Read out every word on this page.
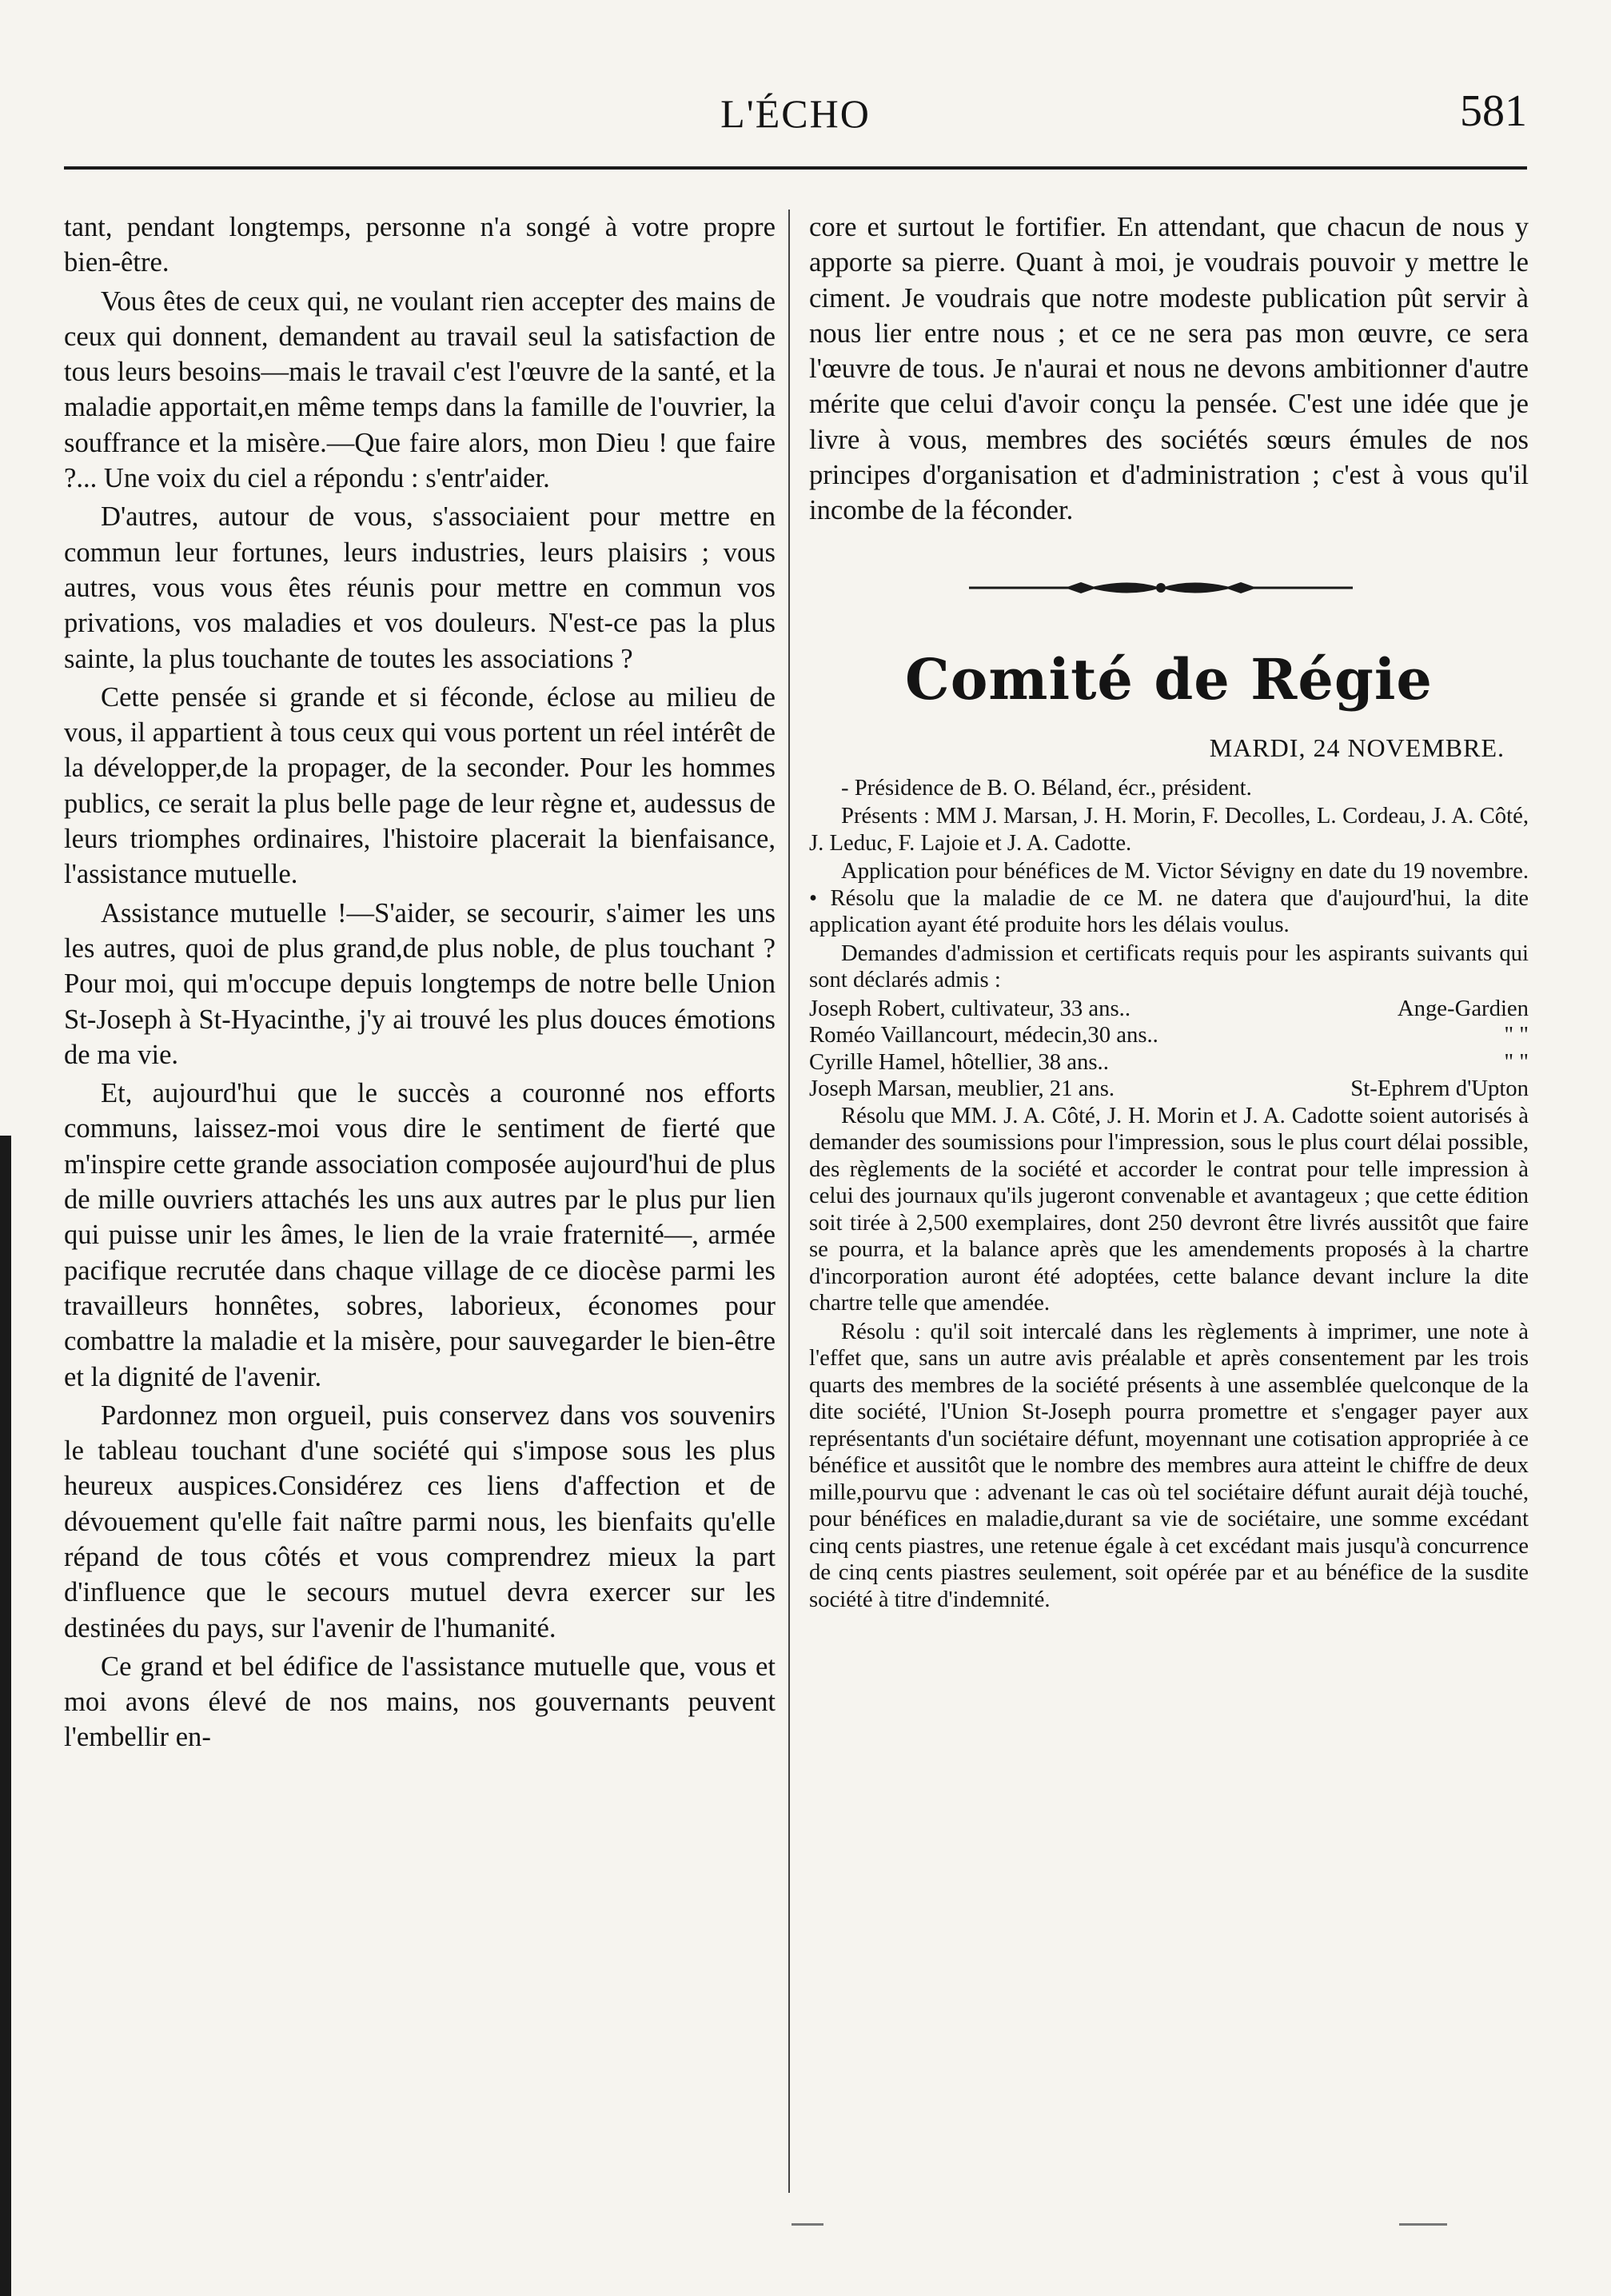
L'ÉCHO	581

tant, pendant longtemps, personne n'a songé à votre propre bien-être.

Vous êtes de ceux qui, ne voulant rien accepter des mains de ceux qui donnent, demandent au travail seul la satisfaction de tous leurs besoins—mais le travail c'est l'œuvre de la santé, et la maladie apportait,en même temps dans la famille de l'ouvrier, la souffrance et la misère.—Que faire alors, mon Dieu ! que faire ?... Une voix du ciel a répondu : s'entr'aider.

D'autres, autour de vous, s'associaient pour mettre en commun leur fortunes, leurs industries, leurs plaisirs ; vous autres, vous vous êtes réunis pour mettre en commun vos privations, vos maladies et vos douleurs. N'est-ce pas la plus sainte, la plus touchante de toutes les associations ?

Cette pensée si grande et si féconde, éclose au milieu de vous, il appartient à tous ceux qui vous portent un réel intérêt de la développer,de la propager, de la seconder. Pour les hommes publics, ce serait la plus belle page de leur règne et, audessus de leurs triomphes ordinaires, l'histoire placerait la bienfaisance, l'assistance mutuelle.

Assistance mutuelle !—S'aider, se secourir, s'aimer les uns les autres, quoi de plus grand,de plus noble, de plus touchant ? Pour moi, qui m'occupe depuis longtemps de notre belle Union St-Joseph à St-Hyacinthe, j'y ai trouvé les plus douces émotions de ma vie.

Et, aujourd'hui que le succès a couronné nos efforts communs, laissez-moi vous dire le sentiment de fierté que m'inspire cette grande association composée aujourd'hui de plus de mille ouvriers attachés les uns aux autres par le plus pur lien qui puisse unir les âmes, le lien de la vraie fraternité—, armée pacifique recrutée dans chaque village de ce diocèse parmi les travailleurs honnêtes, sobres, laborieux, économes pour combattre la maladie et la misère, pour sauvegarder le bien-être et la dignité de l'avenir.

Pardonnez mon orgueil, puis conservez dans vos souvenirs le tableau touchant d'une société qui s'impose sous les plus heureux auspices.Considérez ces liens d'affection et de dévouement qu'elle fait naître parmi nous, les bienfaits qu'elle répand de tous côtés et vous comprendrez mieux la part d'influence que le secours mutuel devra exercer sur les destinées du pays, sur l'avenir de l'humanité.

Ce grand et bel édifice de l'assistance mutuelle que, vous et moi avons élevé de nos mains, nos gouvernants peuvent l'embellir en-

core et surtout le fortifier. En attendant, que chacun de nous y apporte sa pierre. Quant à moi, je voudrais pouvoir y mettre le ciment. Je voudrais que notre modeste publication pût servir à nous lier entre nous ; et ce ne sera pas mon œuvre, ce sera l'œuvre de tous. Je n'aurai et nous ne devons ambitionner d'autre mérite que celui d'avoir conçu la pensée. C'est une idée que je livre à vous, membres des sociétés sœurs émules de nos principes d'organisation et d'administration ; c'est à vous qu'il incombe de la féconder.

Comité de Régie
MARDI, 24 NOVEMBRE.

- Présidence de B. O. Béland, écr., président.

Présents : MM J. Marsan, J. H. Morin, F. Decolles, L. Cordeau, J. A. Côté, J. Leduc, F. Lajoie et J. A. Cadotte.

Application pour bénéfices de M. Victor Sévigny en date du 19 novembre. • Résolu que la maladie de ce M. ne datera que d'aujourd'hui, la dite application ayant été produite hors les délais voulus.

Demandes d'admission et certificats requis pour les aspirants suivants qui sont déclarés admis :

Joseph Robert, cultivateur, 33 ans..	Ange-Gardien
Roméo Vaillancourt, médecin,30 ans..	" "
Cyrille Hamel, hôtellier, 38 ans..	" "
Joseph Marsan, meublier, 21 ans.	St-Ephrem d'Upton

Résolu que MM. J. A. Côté, J. H. Morin et J. A. Cadotte soient autorisés à demander des soumissions pour l'impression, sous le plus court délai possible, des règlements de la société et accorder le contrat pour telle impression à celui des journaux qu'ils jugeront convenable et avantageux ; que cette édition soit tirée à 2,500 exemplaires, dont 250 devront être livrés aussitôt que faire se pourra, et la balance après que les amendements proposés à la chartre d'incorporation auront été adoptées, cette balance devant inclure la dite chartre telle que amendée.

Résolu : qu'il soit intercalé dans les règlements à imprimer, une note à l'effet que, sans un autre avis préalable et après consentement par les trois quarts des membres de la société présents à une assemblée quelconque de la dite société, l'Union St-Joseph pourra promettre et s'engager payer aux représentants d'un sociétaire défunt, moyennant une cotisation appropriée à ce bénéfice et aussitôt que le nombre des membres aura atteint le chiffre de deux mille,pourvu que : advenant le cas où tel sociétaire défunt aurait déjà touché, pour bénéfices en maladie,durant sa vie de sociétaire, une somme excédant cinq cents piastres, une retenue égale à cet excédant mais jusqu'à concurrence de cinq cents piastres seulement, soit opérée par et au bénéfice de la susdite société à titre d'indemnité.
